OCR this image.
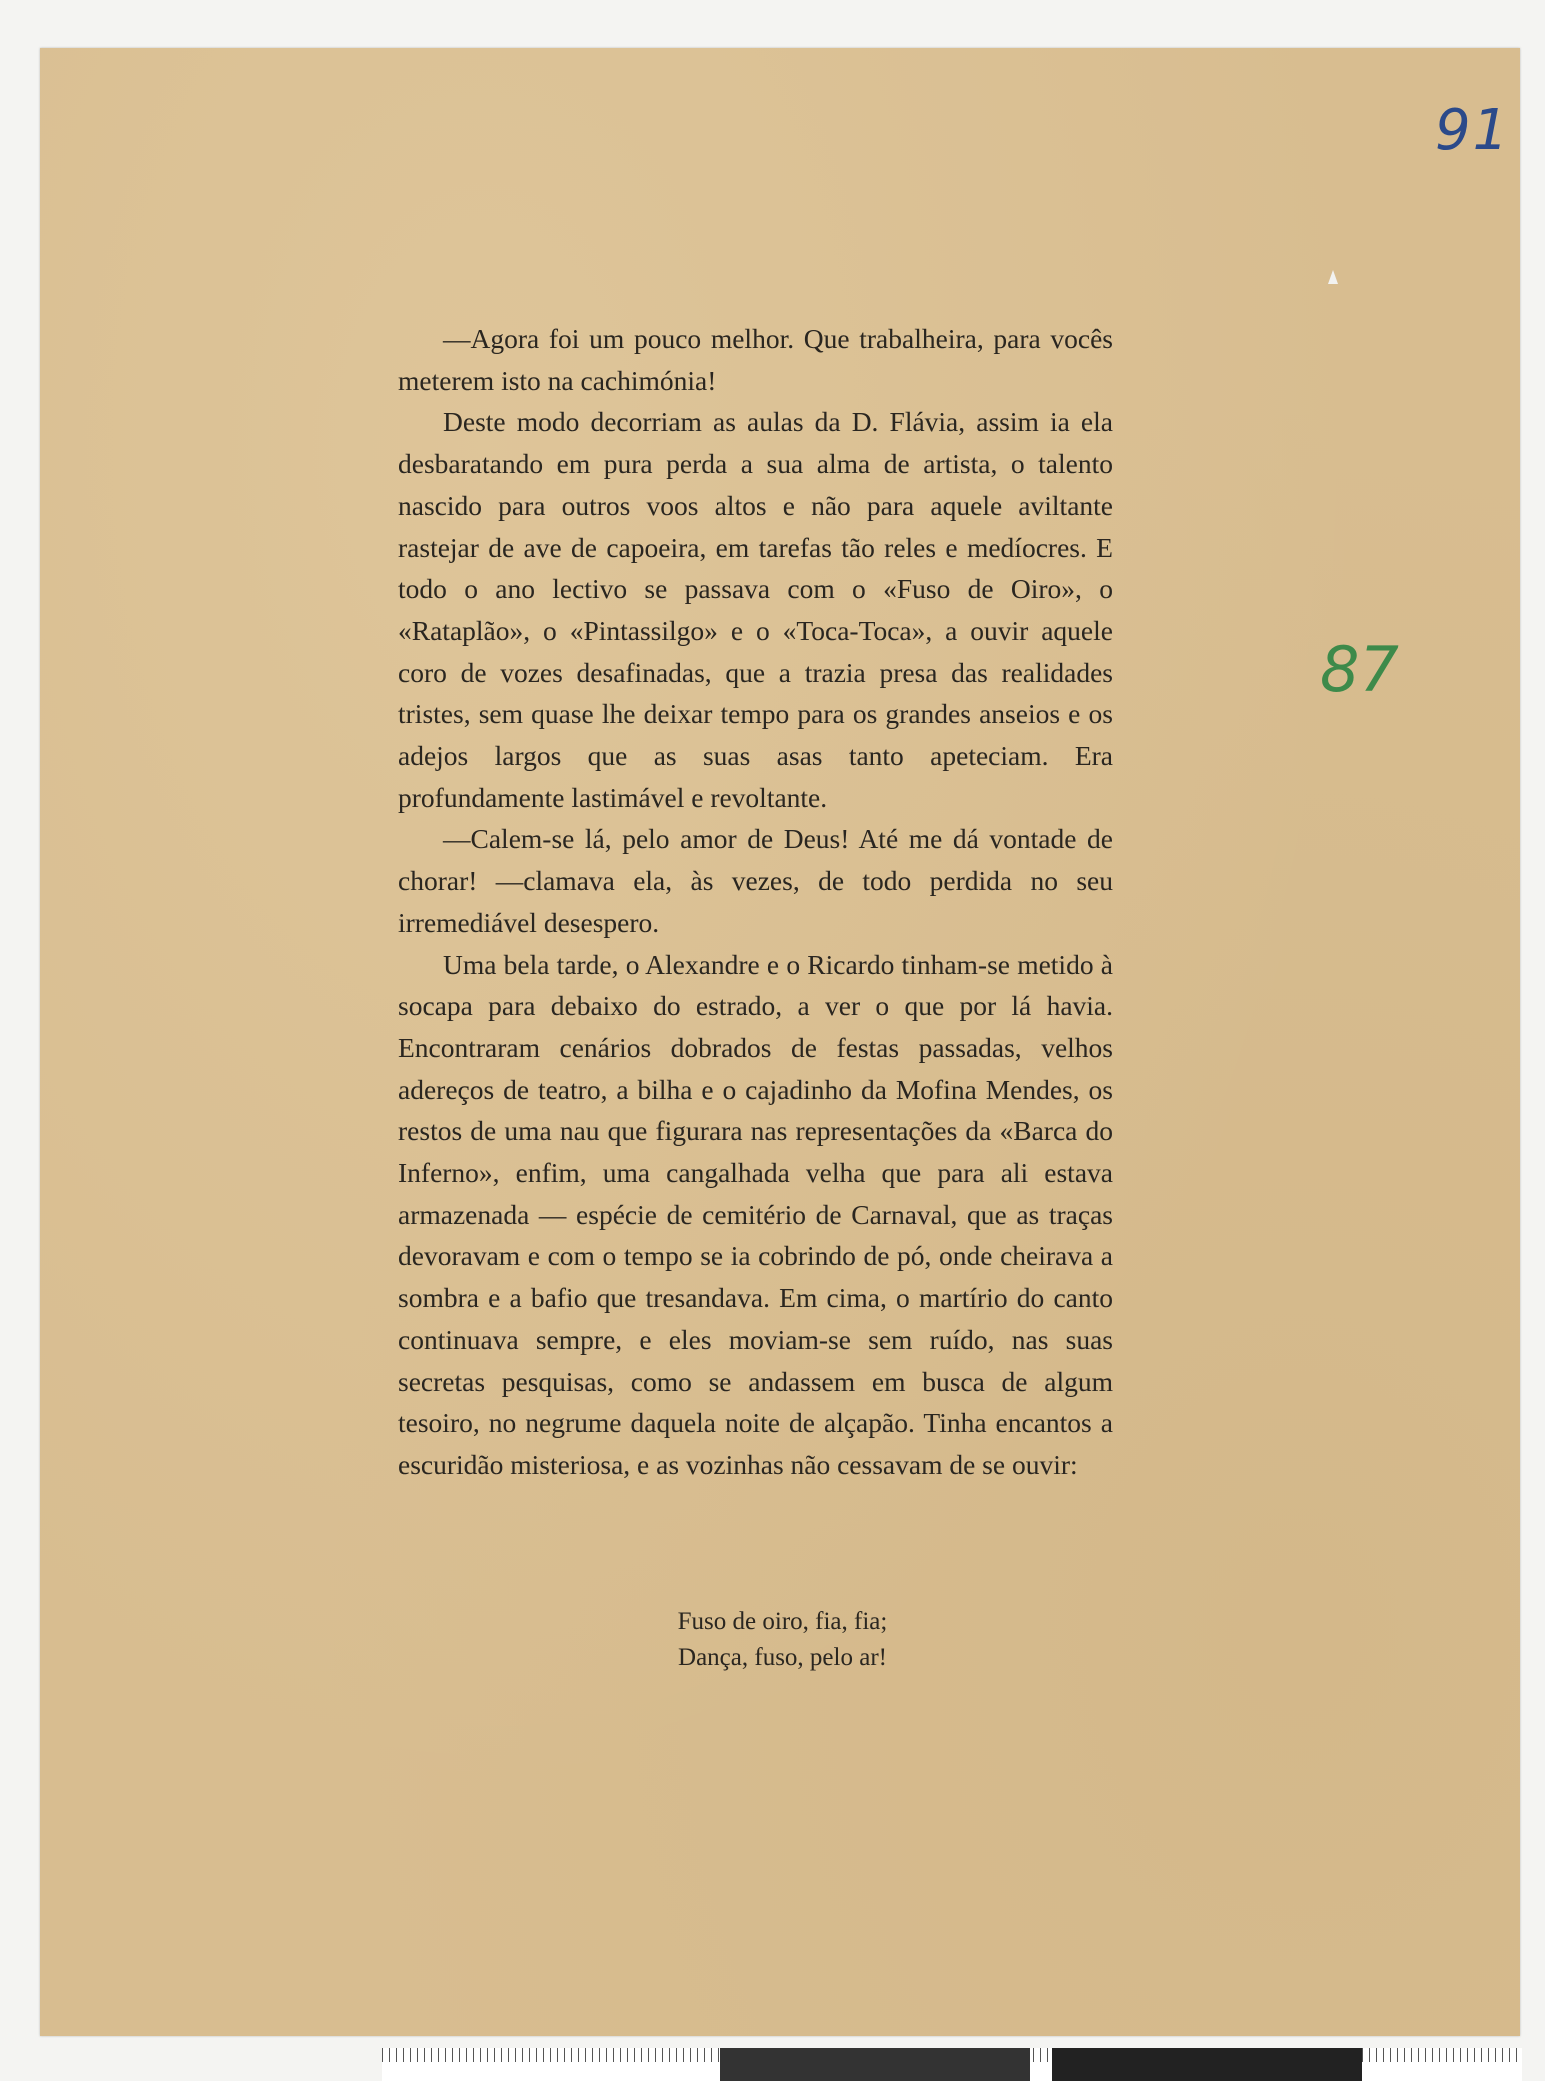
91
87

—Agora foi um pouco melhor. Que trabalheira, para vocês meterem isto na cachimónia!

Deste modo decorriam as aulas da D. Flávia, assim ia ela desbaratando em pura perda a sua alma de artista, o talento nascido para outros voos altos e não para aquele aviltante rastejar de ave de capoeira, em tarefas tão reles e medíocres. E todo o ano lectivo se passava com o «Fuso de Oiro», o «Rataplão», o «Pintassilgo» e o «Toca-Toca», a ouvir aquele coro de vozes desafinadas, que a trazia presa das realidades tristes, sem quase lhe deixar tempo para os grandes anseios e os adejos largos que as suas asas tanto apeteciam. Era profundamente lastimável e revoltante.

—Calem-se lá, pelo amor de Deus! Até me dá vontade de chorar! —clamava ela, às vezes, de todo perdida no seu irremediável desespero.

Uma bela tarde, o Alexandre e o Ricardo tinham-se metido à socapa para debaixo do estrado, a ver o que por lá havia. Encontraram cenários dobrados de festas passadas, velhos adereços de teatro, a bilha e o cajadinho da Mofina Mendes, os restos de uma nau que figurara nas representações da «Barca do Inferno», enfim, uma cangalhada velha que para ali estava armazenada — espécie de cemitério de Carnaval, que as traças devoravam e com o tempo se ia cobrindo de pó, onde cheirava a sombra e a bafio que tresandava. Em cima, o martírio do canto continuava sempre, e eles moviam-se sem ruído, nas suas secretas pesquisas, como se andassem em busca de algum tesoiro, no negrume daquela noite de alçapão. Tinha encantos a escuridão misteriosa, e as vozinhas não cessavam de se ouvir:

Fuso de oiro, fia, fia;
Dança, fuso, pelo ar!
